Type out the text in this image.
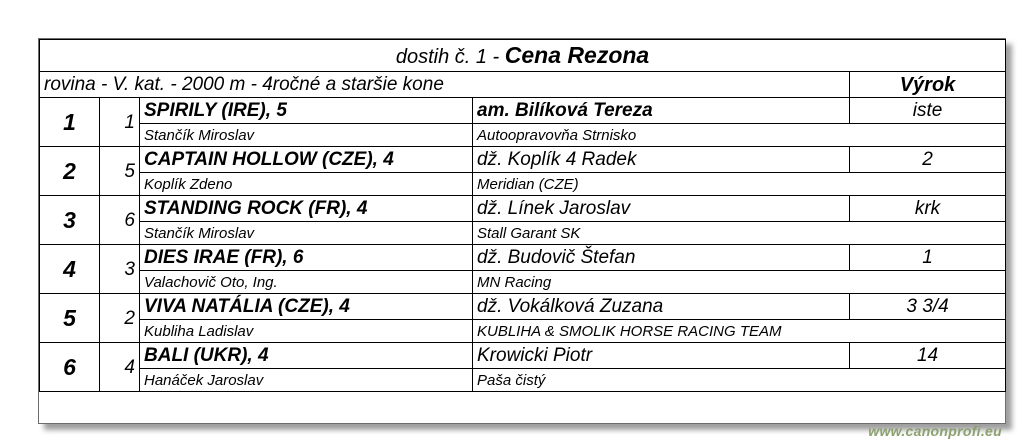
dostih č. 1 - Cena Rezona				
rovina - V. kat. - 2000 m - 4ročné a staršie kone				Výrok
1	1	SPIRILY (IRE), 5	am. Bilíková Tereza	iste
		Stančík Miroslav	Autoopravovňa Strnisko	
2	5	CAPTAIN HOLLOW (CZE), 4	dž. Koplík 4 Radek	2
		Koplík Zdeno	Meridian (CZE)	
3	6	STANDING ROCK (FR), 4	dž. Línek Jaroslav	krk
		Stančík Miroslav	Stall Garant SK	
4	3	DIES IRAE (FR), 6	dž. Budovič Štefan	1
		Valachovič Oto, Ing.	MN Racing	
5	2	VIVA NATÁLIA (CZE), 4	dž. Vokálková Zuzana	3 3/4
		Kubliha Ladislav	KUBLIHA & SMOLIK HORSE RACING TEAM	
6	4	BALI (UKR), 4	Krowicki Piotr	14
		Hanáček Jaroslav	Paša čistý	
www.canonprofi.eu
